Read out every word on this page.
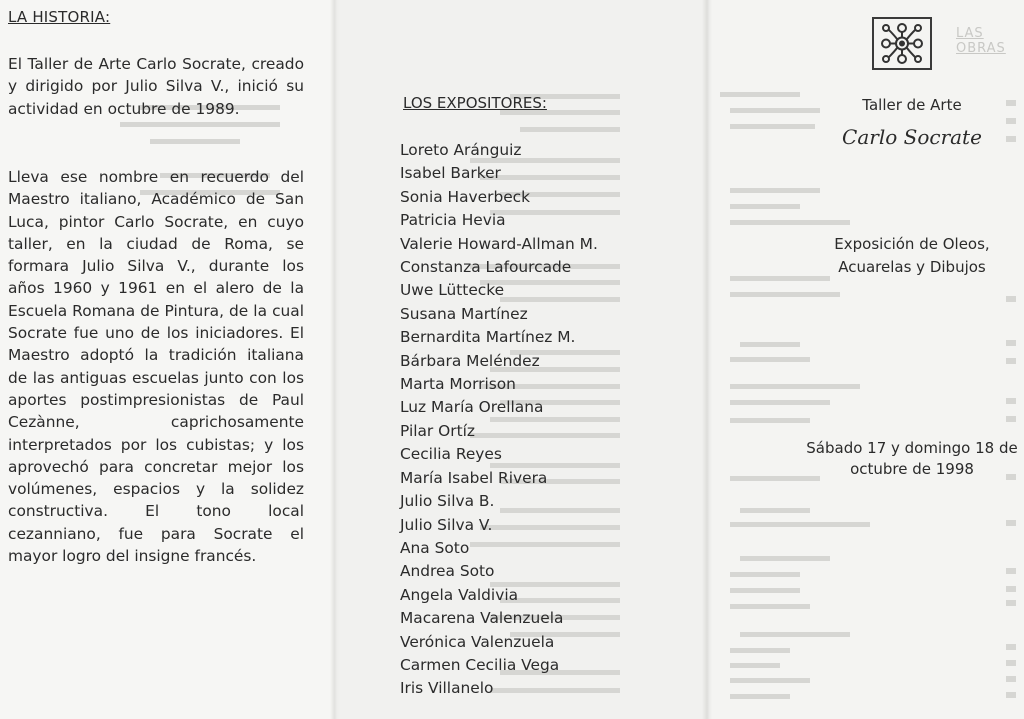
LA HISTORIA:

El Taller de Arte Carlo Socrate, creado y dirigido por Julio Silva V., inició su actividad en octubre de 1989.

Lleva ese nombre en recuerdo del Maestro italiano, Académico de San Luca, pintor Carlo Socrate, en cuyo taller, en la ciudad de Roma, se formara Julio Silva V., durante los años 1960 y 1961 en el alero de la Escuela Romana de Pintura, de la cual Socrate fue uno de los iniciadores. El Maestro adoptó la tradición italiana de las antiguas escuelas junto con los aportes postimpresionistas de Paul Cezànne, caprichosamente interpretados por los cubistas; y los aprovechó para concretar mejor los volúmenes, espacios y la solidez constructiva. El tono local cezanniano, fue para Socrate el mayor logro del insigne francés.

LOS EXPOSITORES:
Loreto Aránguiz
Isabel Barker
Sonia Haverbeck
Patricia Hevia
Valerie Howard-Allman M.
Constanza Lafourcade
Uwe Lüttecke
Susana Martínez
Bernardita Martínez M.
Bárbara Meléndez
Marta Morrison
Luz María Orellana
Pilar Ortíz
Cecilia Reyes
María Isabel Rivera
Julio Silva B.
Julio Silva V.
Ana Soto
Andrea Soto
Angela Valdivia
Macarena Valenzuela
Verónica Valenzuela
Carmen Cecilia Vega
Iris Villanelo
LAS OBRAS
Taller de Arte
Carlo Socrate
Exposición de Oleos,
Acuarelas y Dibujos
Sábado 17 y domingo 18 de
octubre de 1998
